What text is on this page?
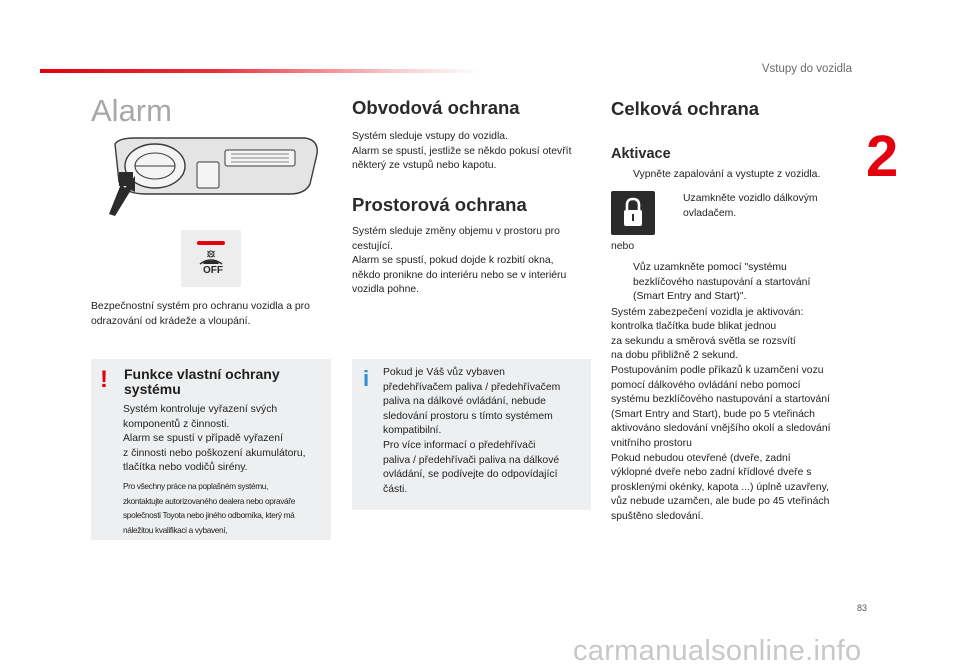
Vstupy do vozidla
2
83
carmanualsonline.info
Alarm
OFF

Bezpečnostní systém pro ochranu vozidla a pro

odrazování od krádeže a vloupání.

! Funkce vlastní ochrany
systému

Systém kontroluje vyřazení svých

komponentů z činnosti.

Alarm se spustí v případě vyřazení

z činnosti nebo poškození akumulátoru,

tlačítka nebo vodičů sirény.

Pro všechny práce na poplašném systému,

zkontaktujte autorizovaného dealera nebo opraváře

společnosti Toyota nebo jiného odborníka, který má

náležitou kvalifikaci a vybavení,

Obvodová ochrana

Systém sleduje vstupy do vozidla.

Alarm se spustí, jestliže se někdo pokusí otevřít

některý ze vstupů nebo kapotu.

Prostorová ochrana

Systém sleduje změny objemu v prostoru pro

cestující.

Alarm se spustí, pokud dojde k rozbití okna,

někdo pronikne do interiéru nebo se v interiéru

vozidla pohne.

i Pokud je Váš vůz vybaven

předehřívačem paliva / předehřívačem

paliva na dálkové ovládání, nebude

sledování prostoru s tímto systémem

kompatibilní.

Pro více informací o předehřívači

paliva / předehřívači paliva na dálkové

ovládání, se podívejte do odpovídající

části.

Celková ochrana
Aktivace
Vypněte zapalování a vystupte z vozidla.
Uzamkněte vozidlo dálkovým
ovladačem.

nebo

Vůz uzamkněte pomocí "systému
bezklíčového nastupování a startování
(Smart Entry and Start)".

Systém zabezpečení vozidla je aktivován:

kontrolka tlačítka bude blikat jednou

za sekundu a směrová světla se rozsvítí

na dobu přibližně 2 sekund.

Postupováním podle příkazů k uzamčení vozu

pomocí dálkového ovládání nebo pomocí

systému bezklíčového nastupování a startování

(Smart Entry and Start), bude po 5 vteřinách

aktivováno sledování vnějšího okolí a sledování

vnitřního prostoru

Pokud nebudou otevřené (dveře, zadní

výklopné dveře nebo zadní křídlové dveře s

prosklenými okénky, kapota ...) úplně uzavřeny,

vůz nebude uzamčen, ale bude po 45 vteřinách

spuštěno sledování.
